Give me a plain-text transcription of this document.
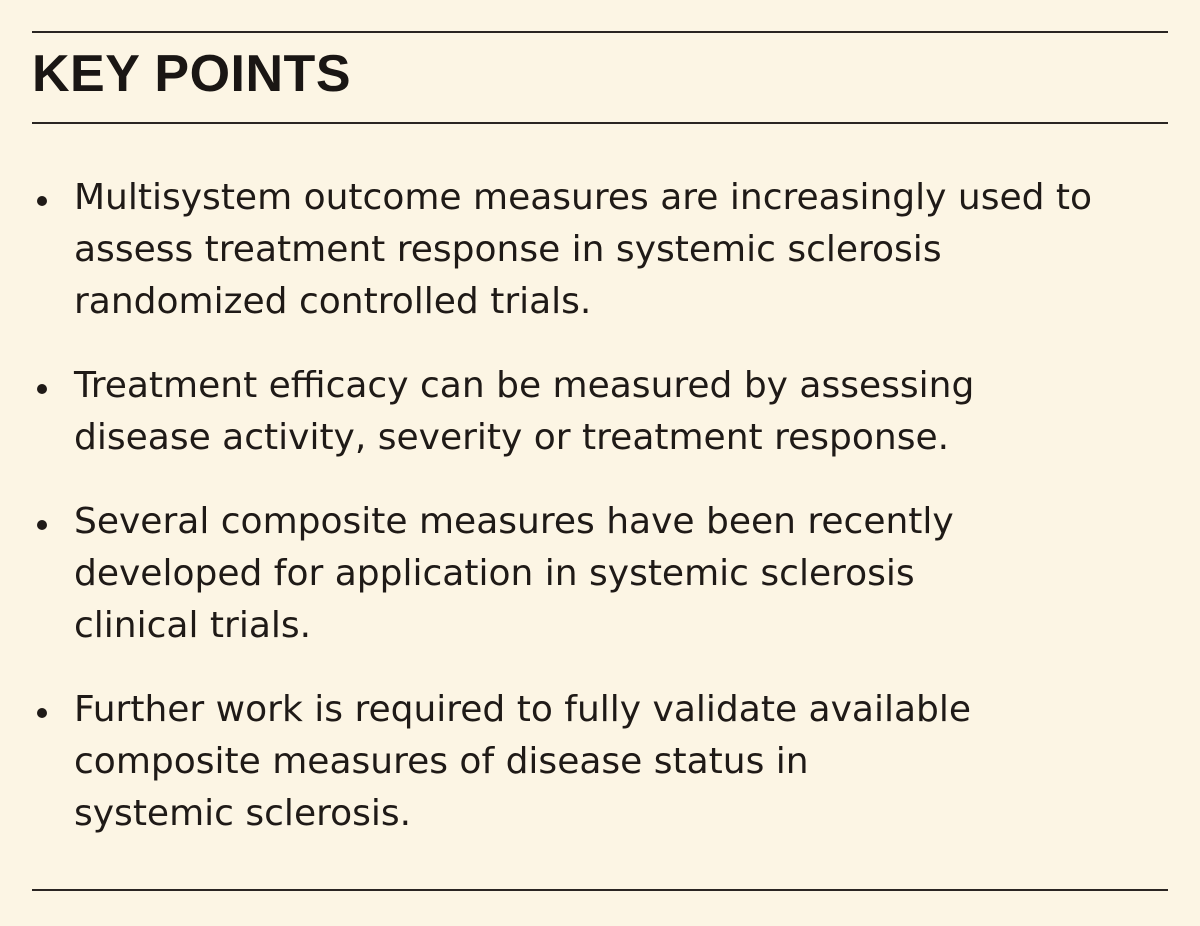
KEY POINTS
Multisystem outcome measures are increasingly used to
assess treatment response in systemic sclerosis
randomized controlled trials.
Treatment efficacy can be measured by assessing
disease activity, severity or treatment response.
Several composite measures have been recently
developed for application in systemic sclerosis
clinical trials.
Further work is required to fully validate available
composite measures of disease status in
systemic sclerosis.
